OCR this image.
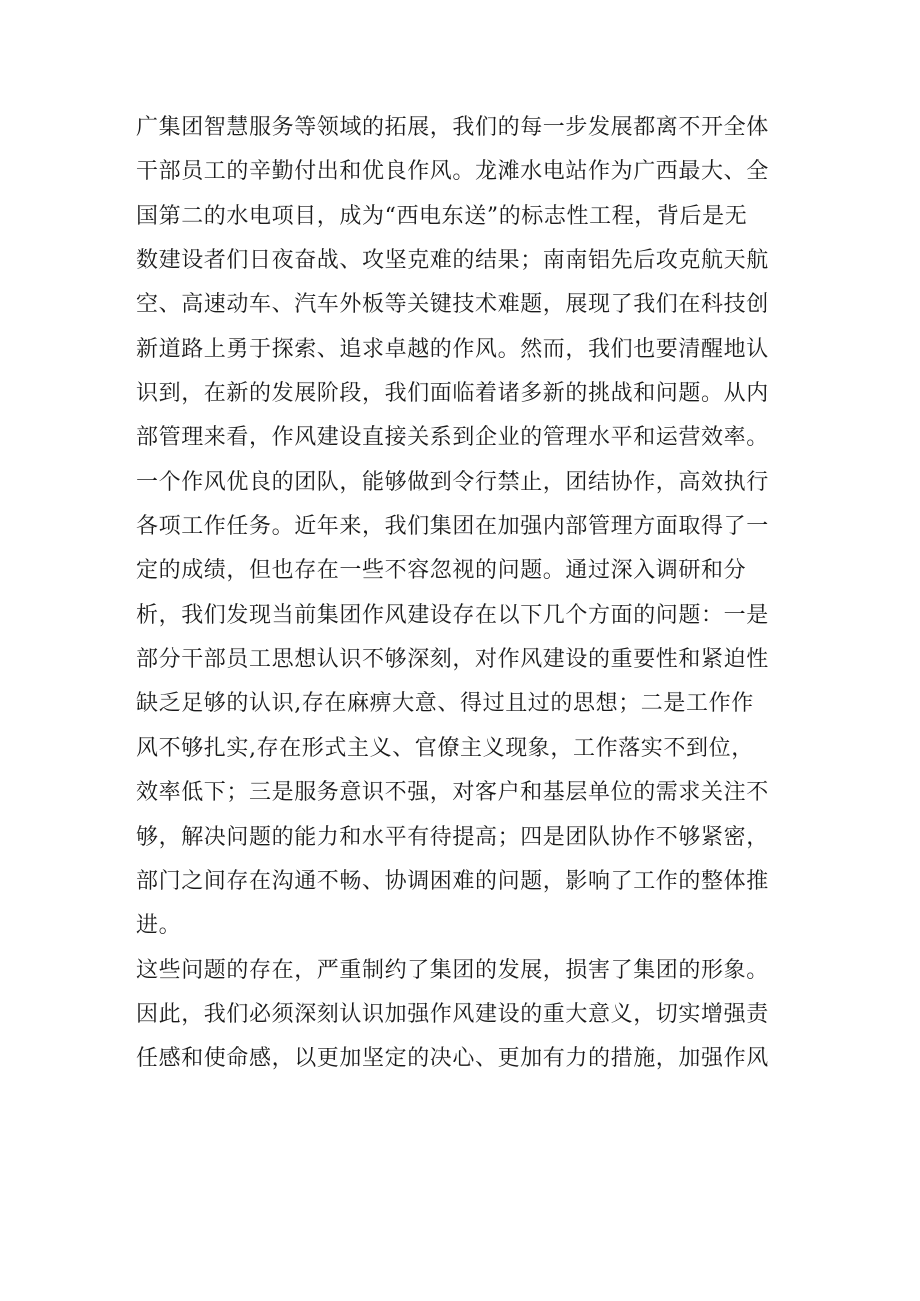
广集团智慧服务等领域的拓展，我们的每一步发展都离不开全体
干部员工的辛勤付出和优良作风。龙滩水电站作为广西最大、全
国第二的水电项目，成为“西电东送”的标志性工程，背后是无
数建设者们日夜奋战、攻坚克难的结果；南南铝先后攻克航天航
空、高速动车、汽车外板等关键技术难题，展现了我们在科技创
新道路上勇于探索、追求卓越的作风。然而，我们也要清醒地认
识到，在新的发展阶段，我们面临着诸多新的挑战和问题。从内
部管理来看，作风建设直接关系到企业的管理水平和运营效率。
一个作风优良的团队，能够做到令行禁止，团结协作，高效执行
各项工作任务。近年来，我们集团在加强内部管理方面取得了一
定的成绩，但也存在一些不容忽视的问题。通过深入调研和分
析，我们发现当前集团作风建设存在以下几个方面的问题：一是
部分干部员工思想认识不够深刻，对作风建设的重要性和紧迫性
缺乏足够的认识,存在麻痹大意、得过且过的思想；二是工作作
风不够扎实,存在形式主义、官僚主义现象，工作落实不到位，
效率低下；三是服务意识不强，对客户和基层单位的需求关注不
够，解决问题的能力和水平有待提高；四是团队协作不够紧密，
部门之间存在沟通不畅、协调困难的问题，影响了工作的整体推
进。
这些问题的存在，严重制约了集团的发展，损害了集团的形象。
因此，我们必须深刻认识加强作风建设的重大意义，切实增强责
任感和使命感，以更加坚定的决心、更加有力的措施，加强作风
